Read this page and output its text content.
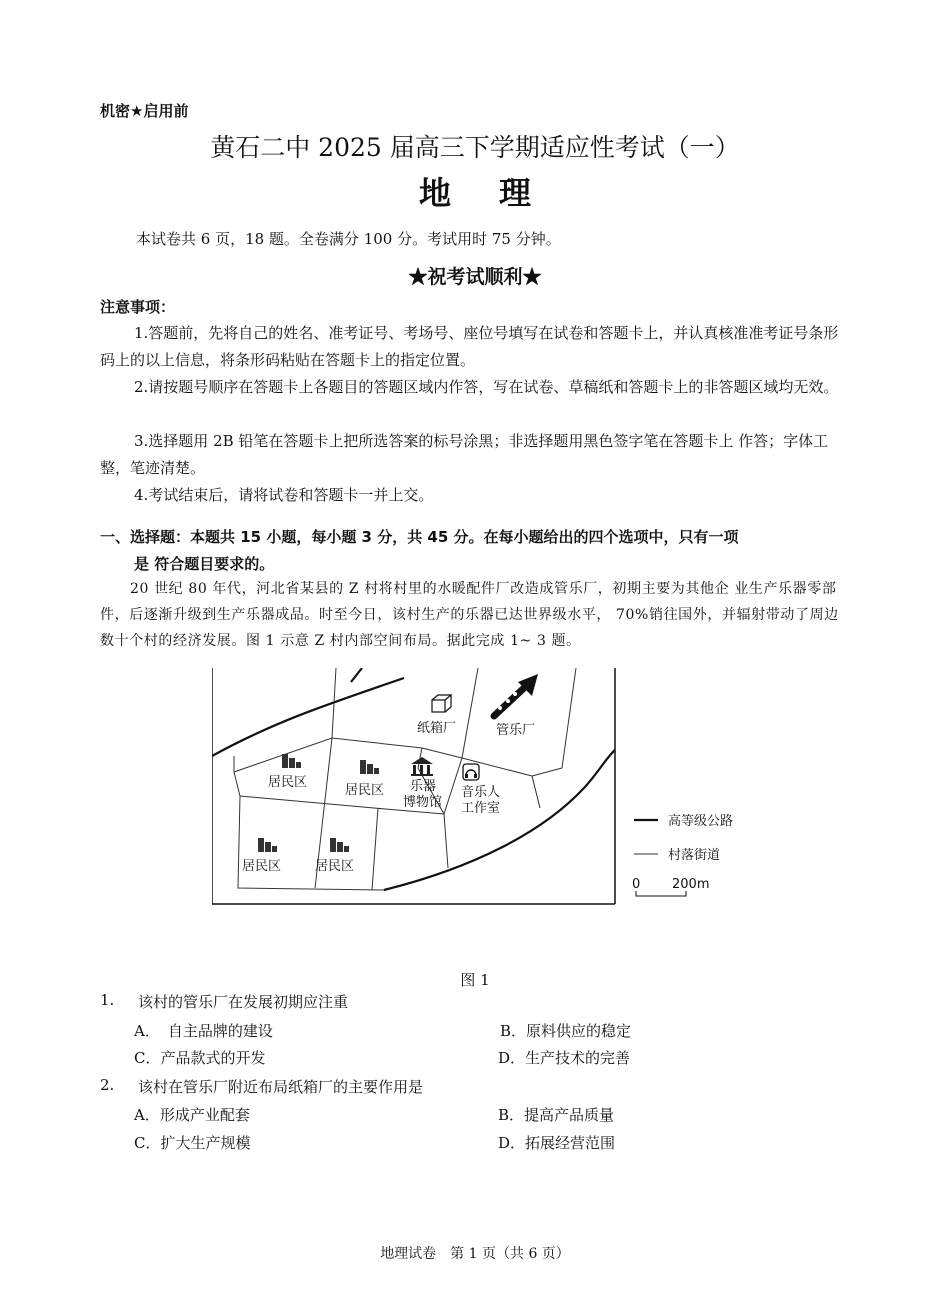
机密★启用前
黄石二中 2025 届高三下学期适应性考试（一）
地理
本试卷共 6 页，18 题。全卷满分 100 分。考试用时 75 分钟。
★祝考试顺利★
注意事项：
1.答题前，先将自己的姓名、准考证号、考场号、座位号填写在试卷和答题卡上，并认真核准准考证号条形码上的以上信息，将条形码粘贴在答题卡上的指定位置。
2.请按题号顺序在答题卡上各题目的答题区域内作答，写在试卷、草稿纸和答题卡上的非答题区域均无效。
3.选择题用 2B 铅笔在答题卡上把所选答案的标号涂黑；非选择题用黑色签字笔在答题卡上 作答；字体工整，笔迹清楚。
4.考试结束后，请将试卷和答题卡一并上交。
一、选择题：本题共 15 小题，每小题 3 分，共 45 分。在每小题给出的四个选项中，只有一项
是 符合题目要求的。
20 世纪 80 年代，河北省某县的 Z 村将村里的水暖配件厂改造成管乐厂，初期主要为其他企 业生产乐器零部件，后逐渐升级到生产乐器成品。时至今日，该村生产的乐器已达世界级水平， 70%销往国外，并辐射带动了周边数十个村的经济发展。图 1 示意 Z 村内部空间布局。据此完成 1~ 3 题。
纸箱厂	管乐厂
居民区
居民区
居民区	居民区
乐器
博物馆
音乐人
工作室
高等级公路
村落街道
0 200m
图 1
1. 该村的管乐厂在发展初期应注重
A． 自主品牌的建设	B．原料供应的稳定
C．产品款式的开发	D．生产技术的完善
2. 该村在管乐厂附近布局纸箱厂的主要作用是
A．形成产业配套	B．提高产品质量
C．扩大生产规模	D．拓展经营范围
地理试卷　第 1 页（共 6 页）
